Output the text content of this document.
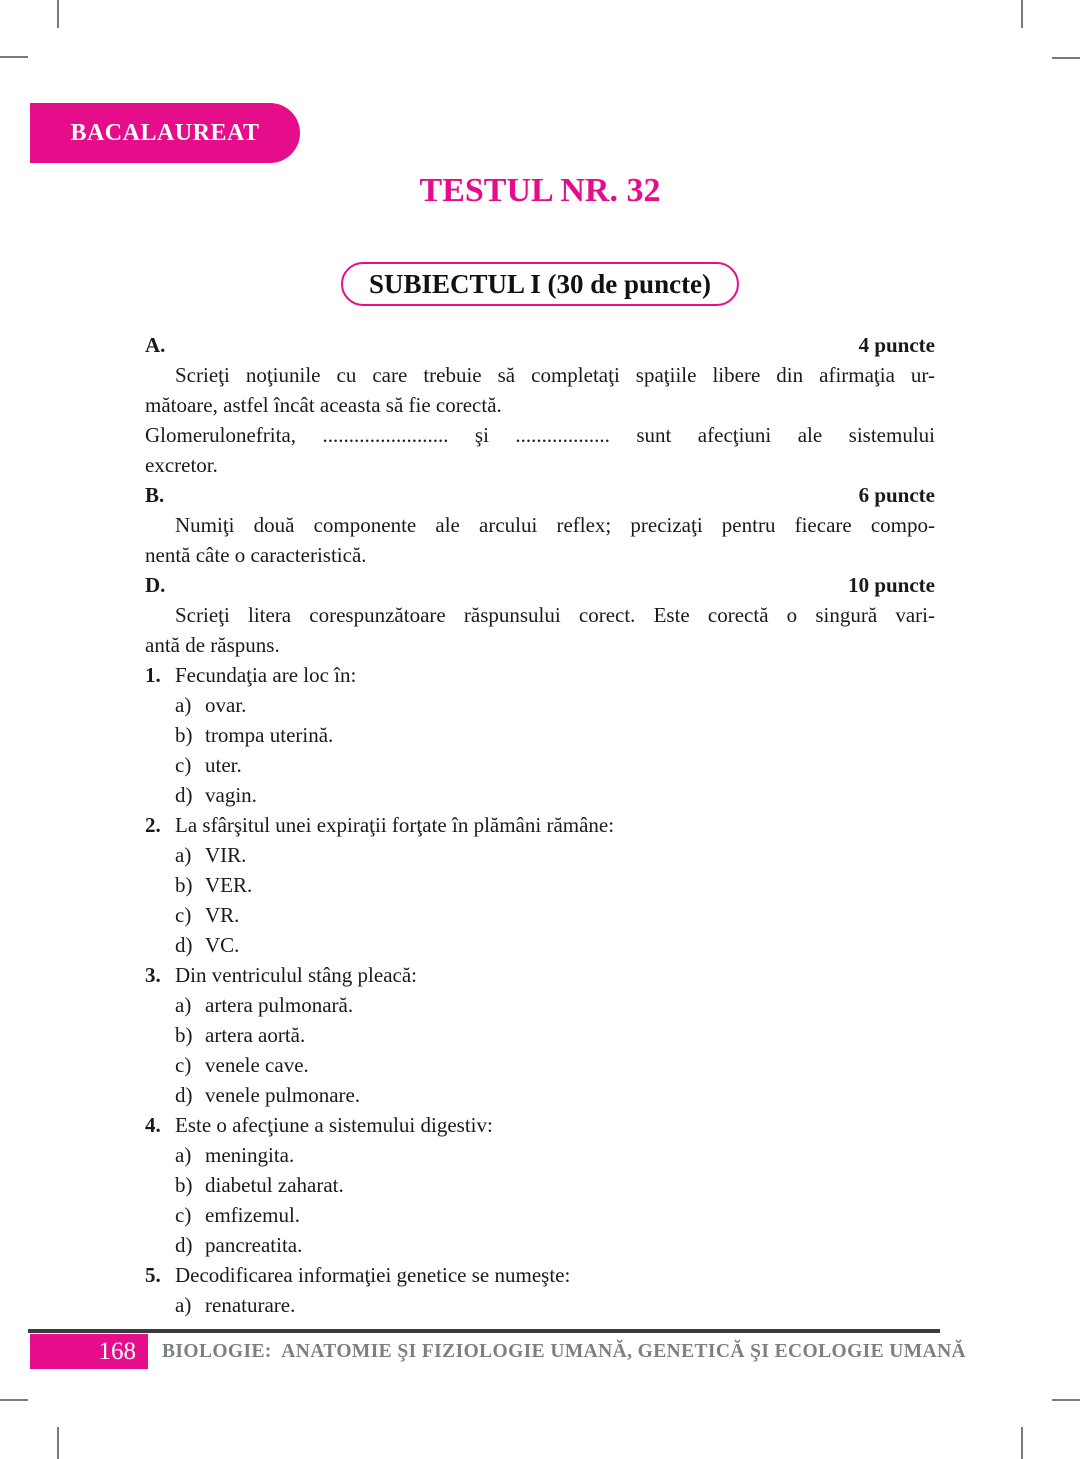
BACALAUREAT
TESTUL NR. 32
SUBIECTUL I (30 de puncte)
A.	4 puncte
Scrieţi noţiunile cu care trebuie să completaţi spaţiile libere din afirmaţia ur-
mătoare, astfel încât aceasta să fie corectă.
Glomerulonefrita, ........................ şi .................. sunt afecţiuni ale sistemului
excretor.
B.	6 puncte
Numiţi două componente ale arcului reflex; precizaţi pentru fiecare compo-
nentă câte o caracteristică.
D.	10 puncte
Scrieţi litera corespunzătoare răspunsului corect. Este corectă o singură vari-
antă de răspuns.
1. Fecundaţia are loc în:
a) ovar.
b) trompa uterină.
c) uter.
d) vagin.
2. La sfârşitul unei expiraţii forţate în plămâni rămâne:
a) VIR.
b) VER.
c) VR.
d) VC.
3. Din ventriculul stâng pleacă:
a) artera pulmonară.
b) artera aortă.
c) venele cave.
d) venele pulmonare.
4. Este o afecţiune a sistemului digestiv:
a) meningita.
b) diabetul zaharat.
c) emfizemul.
d) pancreatita.
5. Decodificarea informaţiei genetice se numeşte:
a) renaturare.
168	BIOLOGIE:  ANATOMIE ŞI FIZIOLOGIE UMANĂ, GENETICĂ ŞI ECOLOGIE UMANĂ
